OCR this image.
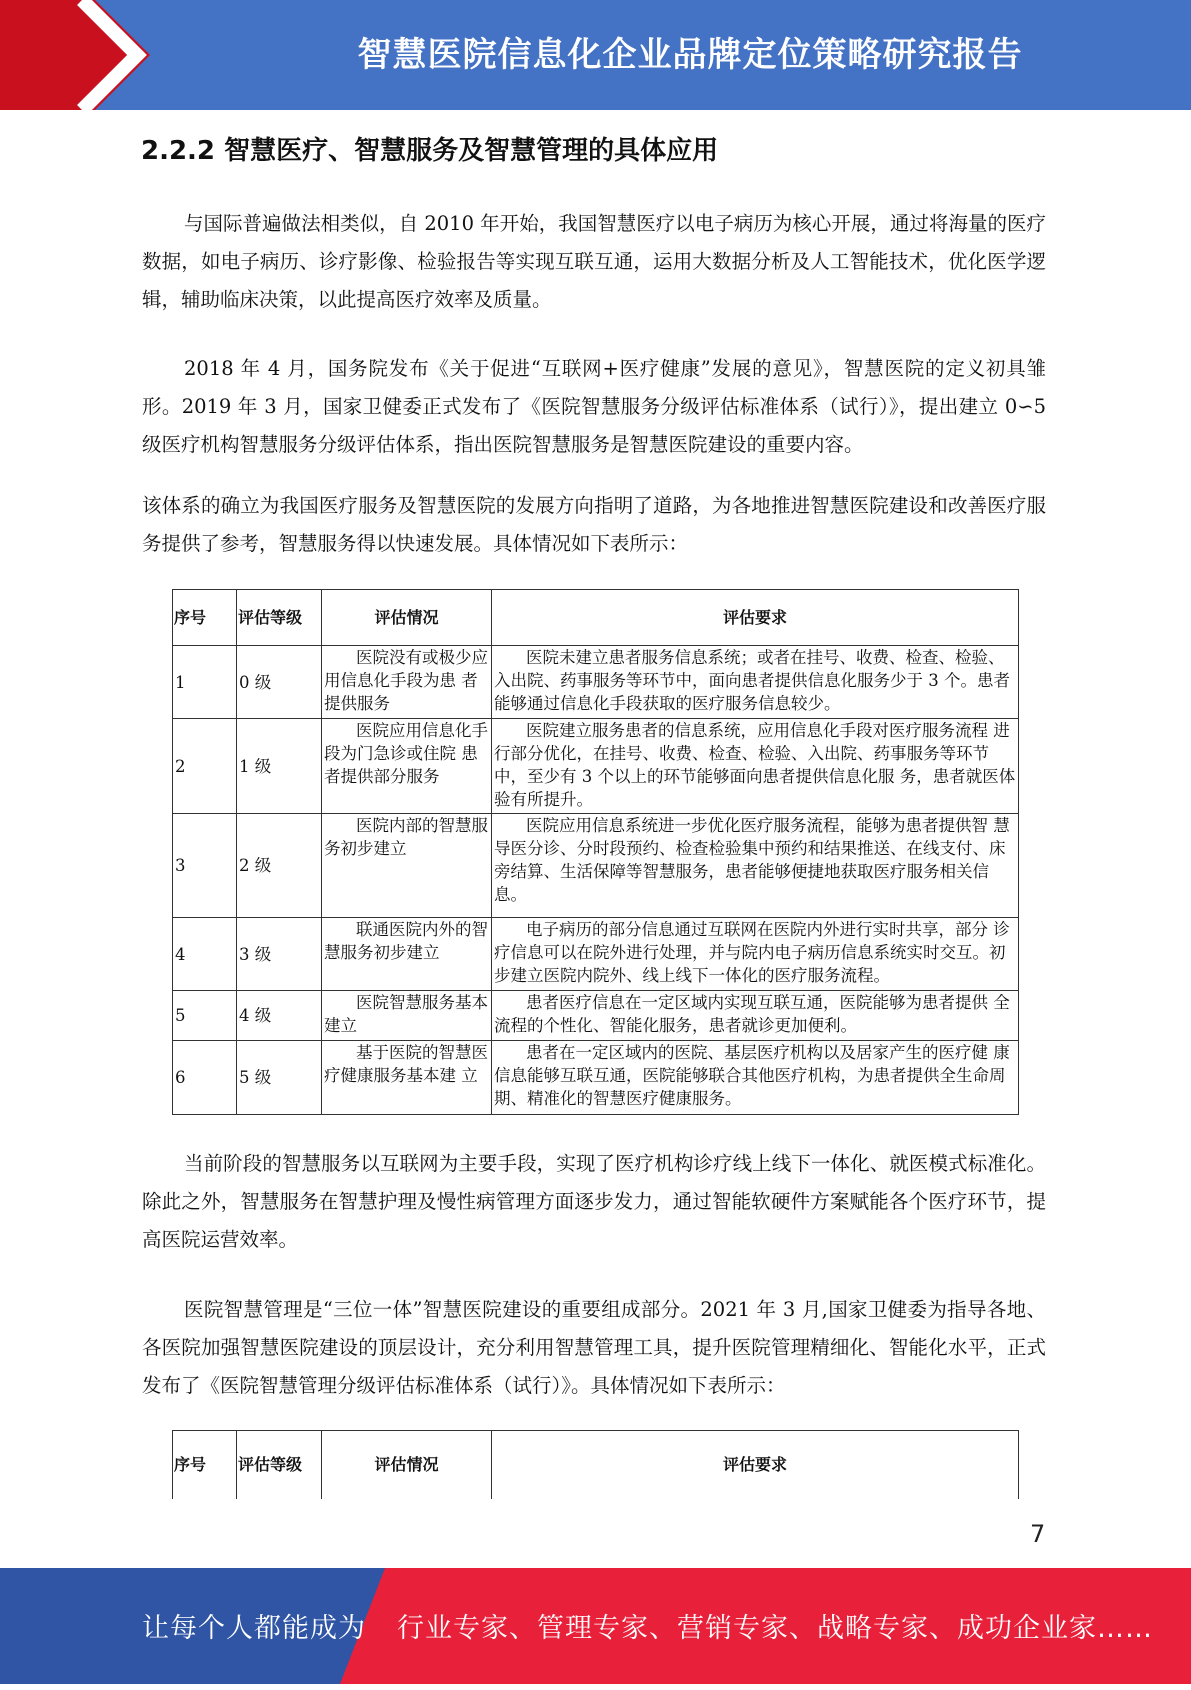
智慧医院信息化企业品牌定位策略研究报告
2.2.2 智慧医疗、智慧服务及智慧管理的具体应用

与国际普遍做法相类似，自 2010 年开始，我国智慧医疗以电子病历为核心开展，通过将海量的医疗数据，如电子病历、诊疗影像、检验报告等实现互联互通，运用大数据分析及人工智能技术，优化医学逻辑，辅助临床决策，以此提高医疗效率及质量。

2018 年 4 月，国务院发布《关于促进“互联网+医疗健康”发展的意见》，智慧医院的定义初具雏形。2019 年 3 月，国家卫健委正式发布了《医院智慧服务分级评估标准体系（试行）》，提出建立 0∽5 级医疗机构智慧服务分级评估体系，指出医院智慧服务是智慧医院建设的重要内容。

该体系的确立为我国医疗服务及智慧医院的发展方向指明了道路，为各地推进智慧医院建设和改善医疗服务提供了参考，智慧服务得以快速发展。具体情况如下表所示：

序号	评估等级	评估情况	评估要求
1	0 级	医院没有或极少应 用信息化手段为患 者提供服务	医院未建立患者服务信息系统；或者在挂号、收费、检查、检验、入出院、药事服务等环节中，面向患者提供信息化服务少于 3 个。患者能够通过信息化手段获取的医疗服务信息较少。

2	1 级	医院应用信息化手 段为门急诊或住院 患者提供部分服务	医院建立服务患者的信息系统，应用信息化手段对医疗服务流程 进行部分优化，在挂号、收费、检查、检验、入出院、药事服务等环节中，至少有 3 个以上的环节能够面向患者提供信息化服 务，患者就医体验有所提升。

3	2 级	医院内部的智慧服 务初步建立	医院应用信息系统进一步优化医疗服务流程，能够为患者提供智 慧导医分诊、分时段预约、检查检验集中预约和结果推送、在线支付、床旁结算、生活保障等智慧服务，患者能够便捷地获取医疗服务相关信息。

4	3 级	联通医院内外的智 慧服务初步建立	电子病历的部分信息通过互联网在医院内外进行实时共享，部分 诊疗信息可以在院外进行处理，并与院内电子病历信息系统实时交互。初步建立医院内院外、线上线下一体化的医疗服务流程。

5	4 级	医院智慧服务基本 建立	患者医疗信息在一定区域内实现互联互通，医院能够为患者提供 全流程的个性化、智能化服务，患者就诊更加便利。

6	5 级	基于医院的智慧医 疗健康服务基本建 立	患者在一定区域内的医院、基层医疗机构以及居家产生的医疗健 康信息能够互联互通，医院能够联合其他医疗机构，为患者提供全生命周期、精准化的智慧医疗健康服务。

当前阶段的智慧服务以互联网为主要手段，实现了医疗机构诊疗线上线下一体化、就医模式标准化。除此之外，智慧服务在智慧护理及慢性病管理方面逐步发力，通过智能软硬件方案赋能各个医疗环节，提高医院运营效率。

医院智慧管理是“三位一体”智慧医院建设的重要组成部分。2021 年 3 月,国家卫健委为指导各地、各医院加强智慧医院建设的顶层设计，充分利用智慧管理工具，提升医院管理精细化、智能化水平，正式发布了《医院智慧管理分级评估标准体系（试行）》。具体情况如下表所示：

序号	评估等级	评估情况	评估要求
7
让每个人都能成为 行业专家、管理专家、营销专家、战略专家、成功企业家……
